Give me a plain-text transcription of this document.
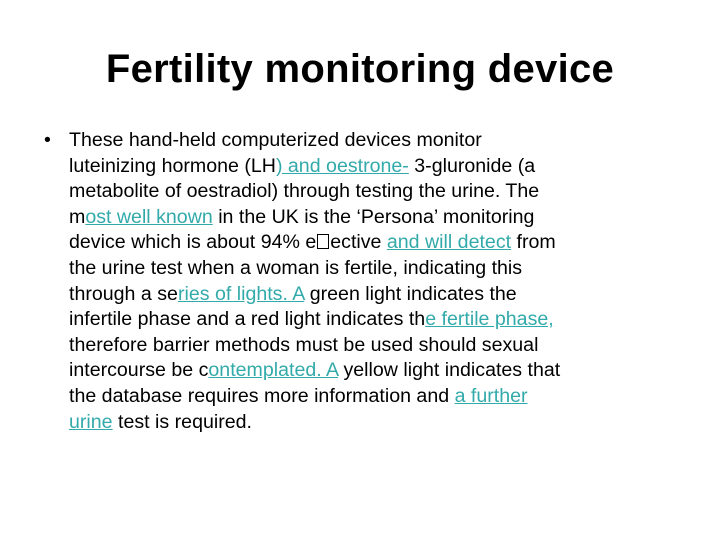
Fertility monitoring device
• These hand-held computerized devices monitor
luteinizing hormone (LH) and oestrone- 3-gluronide (a
metabolite of oestradiol) through testing the urine. The
most well known in the UK is the ‘Persona’ monitoring
device which is about 94% e ective and will detect from
the urine test when a woman is fertile, indicating this
through a series of lights. A green light indicates the
infertile phase and a red light indicates the fertile phase,
therefore barrier methods must be used should sexual
intercourse be contemplated. A yellow light indicates that
the database requires more information and a further
urine test is required.
